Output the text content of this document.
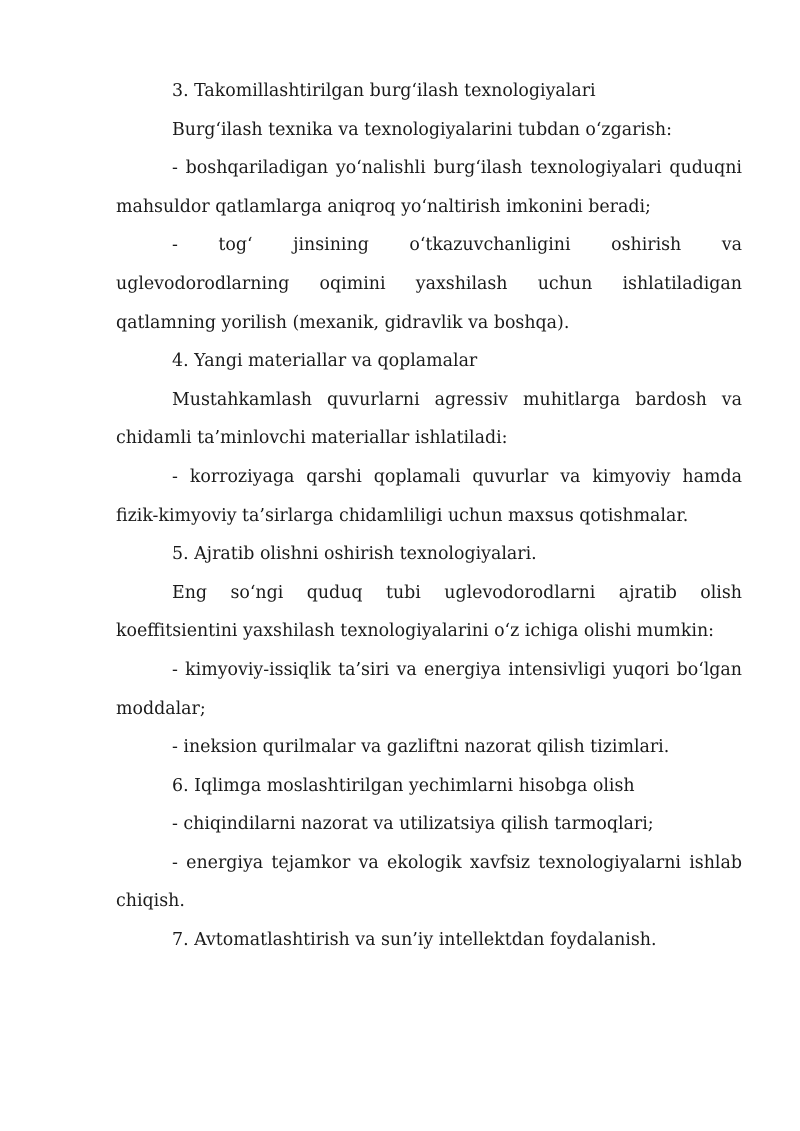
3. Takomillashtirilgan burg‘ilash texnologiyalari

Burg‘ilash texnika va texnologiyalarini tubdan o‘zgarish:

- boshqariladigan yo‘nalishli burg‘ilash texnologiyalari quduqni mahsuldor qatlamlarga aniqroq yo‘naltirish imkonini beradi;

- tog‘ jinsining o‘tkazuvchanligini oshirish va uglevodorodlarning oqimini yaxshilash uchun ishlatiladigan qatlamning yorilish (mexanik, gidravlik va boshqa).

4. Yangi materiallar va qoplamalar

Mustahkamlash quvurlarni agressiv muhitlarga bardosh va chidamli ta’minlovchi materiallar ishlatiladi:

- korroziyaga qarshi qoplamali quvurlar va kimyoviy hamda fizik-kimyoviy ta’sirlarga chidamliligi uchun maxsus qotishmalar.

5. Ajratib olishni oshirish texnologiyalari.

Eng so‘ngi quduq tubi uglevodorodlarni ajratib olish koeffitsientini yaxshilash texnologiyalarini o‘z ichiga olishi mumkin:

- kimyoviy-issiqlik ta’siri va energiya intensivligi yuqori bo‘lgan moddalar;

- ineksion qurilmalar va gazliftni nazorat qilish tizimlari.

6. Iqlimga moslashtirilgan yechimlarni hisobga olish

- chiqindilarni nazorat va utilizatsiya qilish tarmoqlari;

- energiya tejamkor va ekologik xavfsiz texnologiyalarni ishlab chiqish.

7. Avtomatlashtirish va sun’iy intellektdan foydalanish.
